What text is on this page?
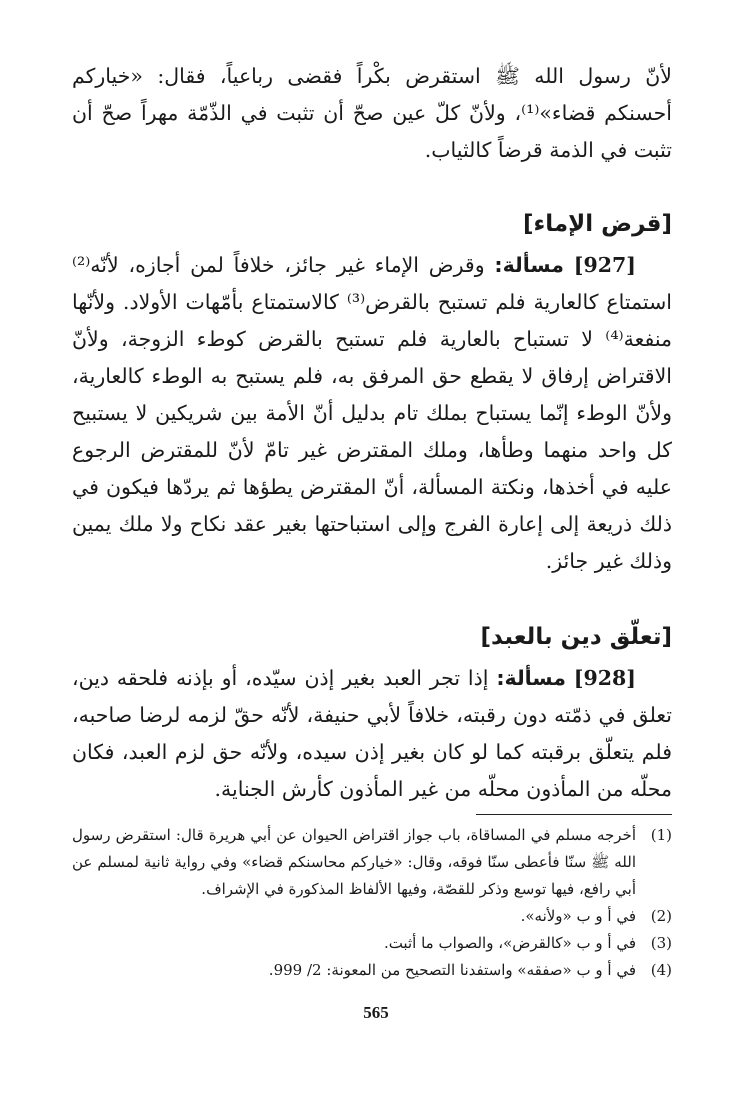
لأنّ رسول الله ﷺ استقرض بكْراً فقضى رباعياً، فقال: «خياركم أحسنكم قضاء»⁽¹⁾، ولأنّ كلّ عين صحّ أن تثبت في الذّمّة مهراً صحّ أن تثبت في الذمة قرضاً كالثياب.

[قرض الإماء]

[927] مسألة: وقرض الإماء غير جائز، خلافاً لمن أجازه، لأنّه⁽²⁾ استمتاع كالعارية فلم تستبح بالقرض⁽³⁾ كالاستمتاع بأمّهات الأولاد. ولأنّها منفعة⁽⁴⁾ لا تستباح بالعارية فلم تستبح بالقرض كوطء الزوجة، ولأنّ الاقتراض إرفاق لا يقطع حق المرفق به، فلم يستبح به الوطء كالعارية، ولأنّ الوطء إنّما يستباح بملك تام بدليل أنّ الأمة بين شريكين لا يستبيح كل واحد منهما وطأها، وملك المقترض غير تامّ لأنّ للمقترض الرجوع عليه في أخذها، ونكتة المسألة، أنّ المقترض يطؤها ثم يردّها فيكون في ذلك ذريعة إلى إعارة الفرج وإلى استباحتها بغير عقد نكاح ولا ملك يمين وذلك غير جائز.

[تعلّق دين بالعبد]

[928] مسألة: إذا تجر العبد بغير إذن سيّده، أو بإذنه فلحقه دين، تعلق في ذمّته دون رقبته، خلافاً لأبي حنيفة، لأنّه حقّ لزمه لرضا صاحبه، فلم يتعلّق برقبته كما لو كان بغير إذن سيده، ولأنّه حق لزم العبد، فكان محلّه من المأذون محلّه من غير المأذون كأرش الجناية.

(1)
أخرجه مسلم في المساقاة، باب جواز اقتراض الحيوان عن أبي هريرة قال: استقرض رسول الله ﷺ سنّا فأعطى سنّا فوقه، وقال: «خياركم محاسنكم قضاء» وفي رواية ثانية لمسلم عن أبي رافع، فيها توسع وذكر للقصّة، وفيها الألفاظ المذكورة في الإشراف.
(2)
في أ و ب «ولأنه».
(3)
في أ و ب «كالقرض»، والصواب ما أثبت.
(4)
في أ و ب «صفقه» واستفدنا التصحيح من المعونة: 2/ 999.
565
